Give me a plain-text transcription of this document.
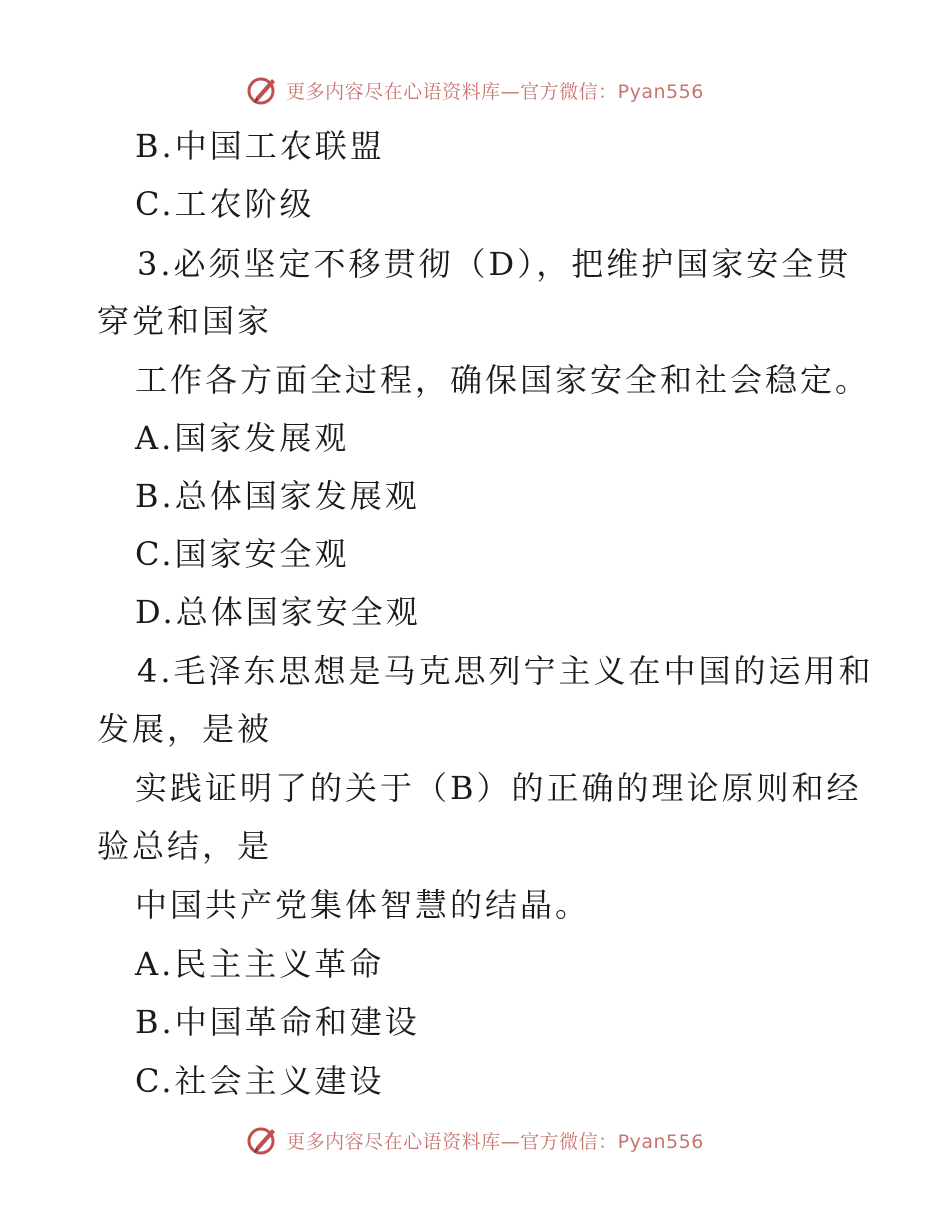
更多内容尽在心语资料库—官方微信：Pyan556
B.中国工农联盟
C.工农阶级
3.必须坚定不移贯彻（D），把维护国家安全贯
穿党和国家
工作各方面全过程，确保国家安全和社会稳定。
A.国家发展观
B.总体国家发展观
C.国家安全观
D.总体国家安全观
4.毛泽东思想是马克思列宁主义在中国的运用和
发展，是被
实践证明了的关于（B）的正确的理论原则和经
验总结，是
中国共产党集体智慧的结晶。
A.民主主义革命
B.中国革命和建设
C.社会主义建设
更多内容尽在心语资料库—官方微信：Pyan556
